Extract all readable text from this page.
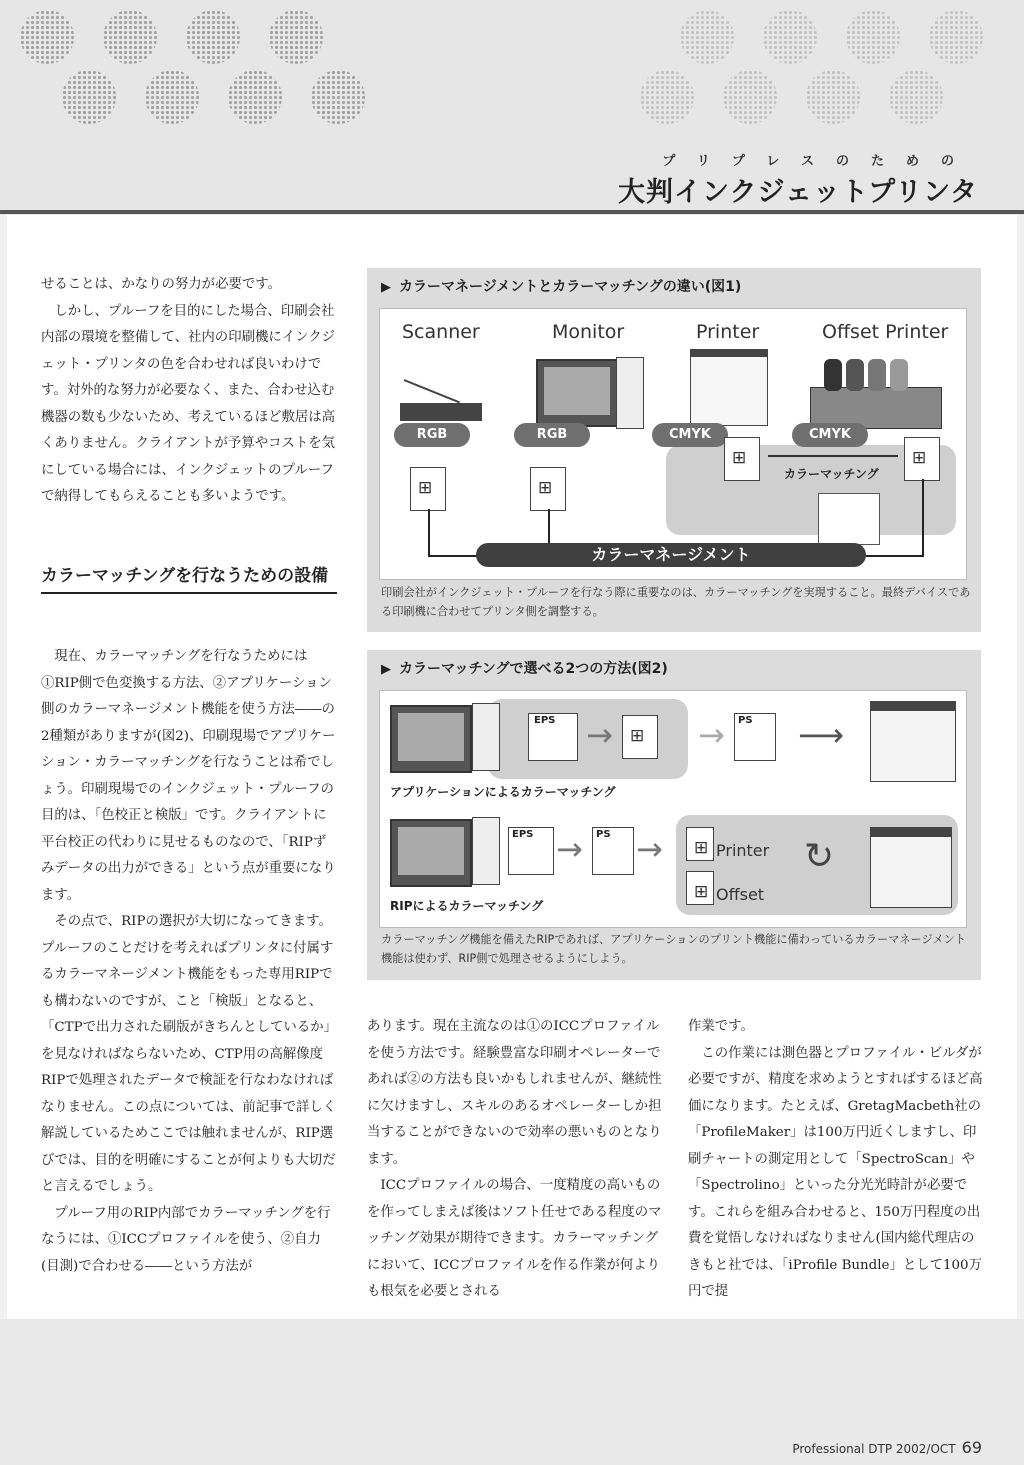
プリプレスのための
大判インクジェットプリンタ

せることは、かなりの努力が必要です。

しかし、プルーフを目的にした場合、印刷会社内部の環境を整備して、社内の印刷機にインクジェット・プリンタの色を合わせれば良いわけです。対外的な努力が必要なく、また、合わせ込む機器の数も少ないため、考えているほど敷居は高くありません。クライアントが予算やコストを気にしている場合には、インクジェットのプルーフで納得してもらえることも多いようです。

カラーマッチングを行なうための設備

現在、カラーマッチングを行なうためには①RIP側で色変換する方法、②アプリケーション側のカラーマネージメント機能を使う方法――の2種類がありますが(図2)、印刷現場でアプリケーション・カラーマッチングを行なうことは希でしょう。印刷現場でのインクジェット・プルーフの目的は、「色校正と検版」です。クライアントに平台校正の代わりに見せるものなので、「RIPずみデータの出力ができる」という点が重要になります。

その点で、RIPの選択が大切になってきます。プルーフのことだけを考えればプリンタに付属するカラーマネージメント機能をもった専用RIPでも構わないのですが、こと「検版」となると、「CTPで出力された刷版がきちんとしているか」を見なければならないため、CTP用の高解像度RIPで処理されたデータで検証を行なわなければなりません。この点については、前記事で詳しく解説しているためここでは触れませんが、RIP選びでは、目的を明確にすることが何よりも大切だと言えるでしょう。

プルーフ用のRIP内部でカラーマッチングを行なうには、①ICCプロファイルを使う、②自力(目測)で合わせる――という方法が

▶ カラーマネージメントとカラーマッチングの違い(図1)
Scanner	Monitor	Printer	Offset Printer
RGB	RGB	CMYK	CMYK
⊞
⊞
⊞
⊞
カラーマッチング
カラーマネージメント
印刷会社がインクジェット・プルーフを行なう際に重要なのは、カラーマッチングを実現すること。最終デバイスである印刷機に合わせてプリンタ側を調整する。
▶ カラーマッチングで選べる2つの方法(図2)
EPS → ⊞	→ PS ⟶
アプリケーションによるカラーマッチング
EPS → PS → ⊞	Printer
⊞
Offset
↻
RIPによるカラーマッチング
カラーマッチング機能を備えたRIPであれば、アプリケーションのプリント機能に備わっているカラーマネージメント機能は使わず、RIP側で処理させるようにしよう。

あります。現在主流なのは①のICCプロファイルを使う方法です。経験豊富な印刷オペレーターであれば②の方法も良いかもしれませんが、継続性に欠けますし、スキルのあるオペレーターしか担当することができないので効率の悪いものとなります。

ICCプロファイルの場合、一度精度の高いものを作ってしまえば後はソフト任せである程度のマッチング効果が期待できます。カラーマッチングにおいて、ICCプロファイルを作る作業が何よりも根気を必要とされる

作業です。

この作業には測色器とプロファイル・ビルダが必要ですが、精度を求めようとすればするほど高価になります。たとえば、GretagMacbeth社の「ProfileMaker」は100万円近くしますし、印刷チャートの測定用として「SpectroScan」や「Spectrolino」といった分光光時計が必要です。これらを組み合わせると、150万円程度の出費を覚悟しなければなりません(国内総代理店のきもと社では、「iProfile Bundle」として100万円で提

Professional DTP 2002/OCT 69
